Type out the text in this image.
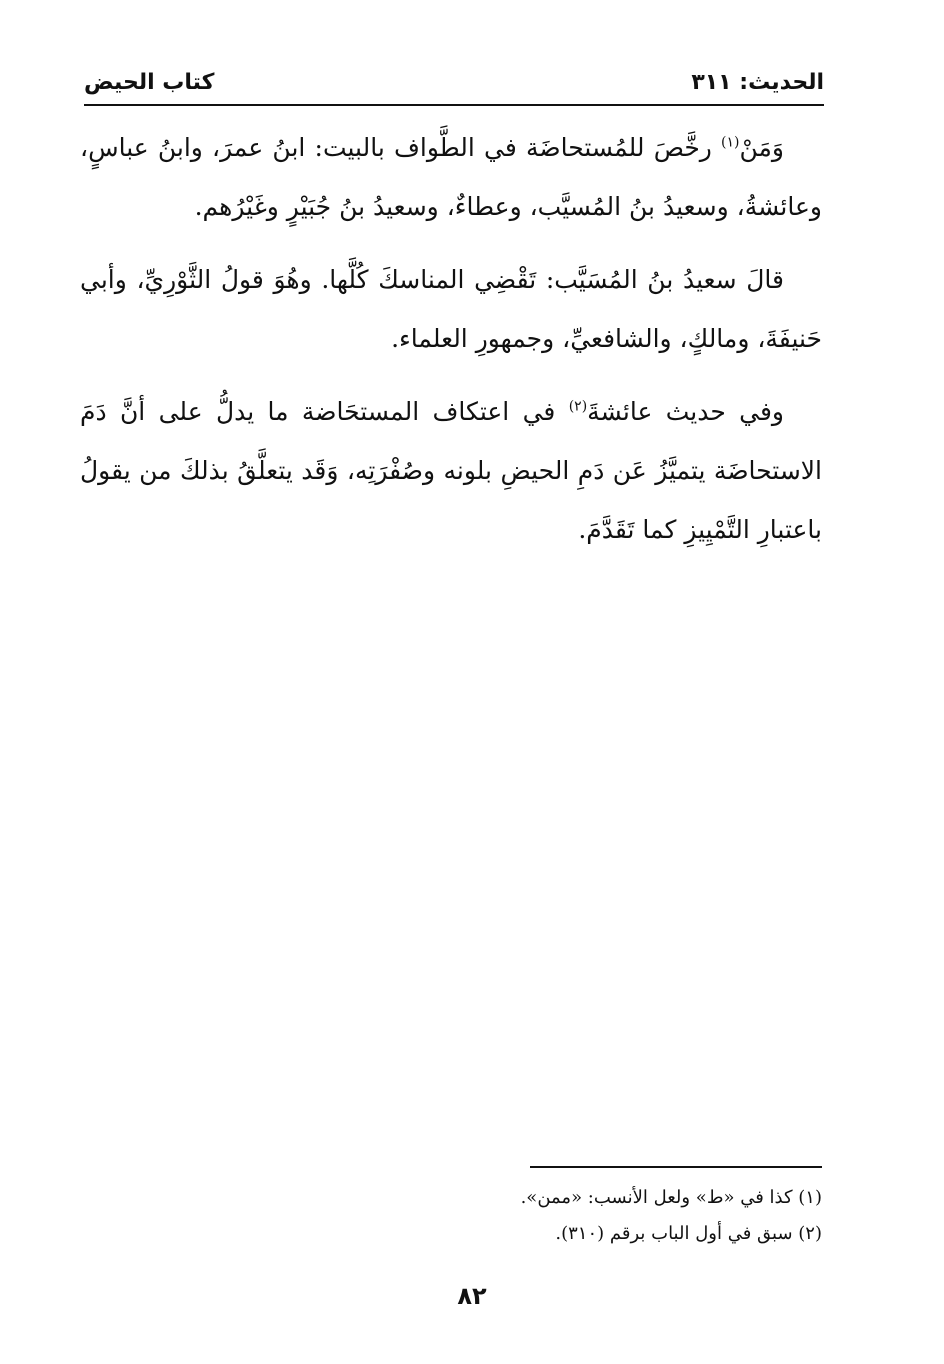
الحديث: ٣١١
كتاب الحيض

وَمَنْ$^{(١)}$ رخَّصَ للمُستحاضَة في الطَّواف بالبيت: ابنُ عمرَ، وابنُ عباسٍ، وعائشةُ، وسعيدُ بنُ المُسيَّب، وعطاءٌ، وسعيدُ بنُ جُبَيْرٍ وغَيْرُهم.

قالَ سعيدُ بنُ المُسَيَّب: تَقْضِي المناسكَ كُلَّها. وهُوَ قولُ الثَّوْرِيِّ، وأبي حَنيفَةَ، ومالكٍ، والشافعيِّ، وجمهورِ العلماء.

وفي حديث عائشةَ$^{(٢)}$ في اعتكاف المستحَاضة ما يدلُّ على أنَّ دَمَ الاستحاضَة يتميَّزُ عَن دَمِ الحيضِ بلونه وصُفْرَتِه، وَقَد يتعلَّقُ بذلكَ من يقولُ باعتبارِ التَّمْيِيزِ كما تَقَدَّمَ.

(١) كذا في «ط» ولعل الأنسب: «ممن».
(٢) سبق في أول الباب برقم (٣١٠).
٨٢
